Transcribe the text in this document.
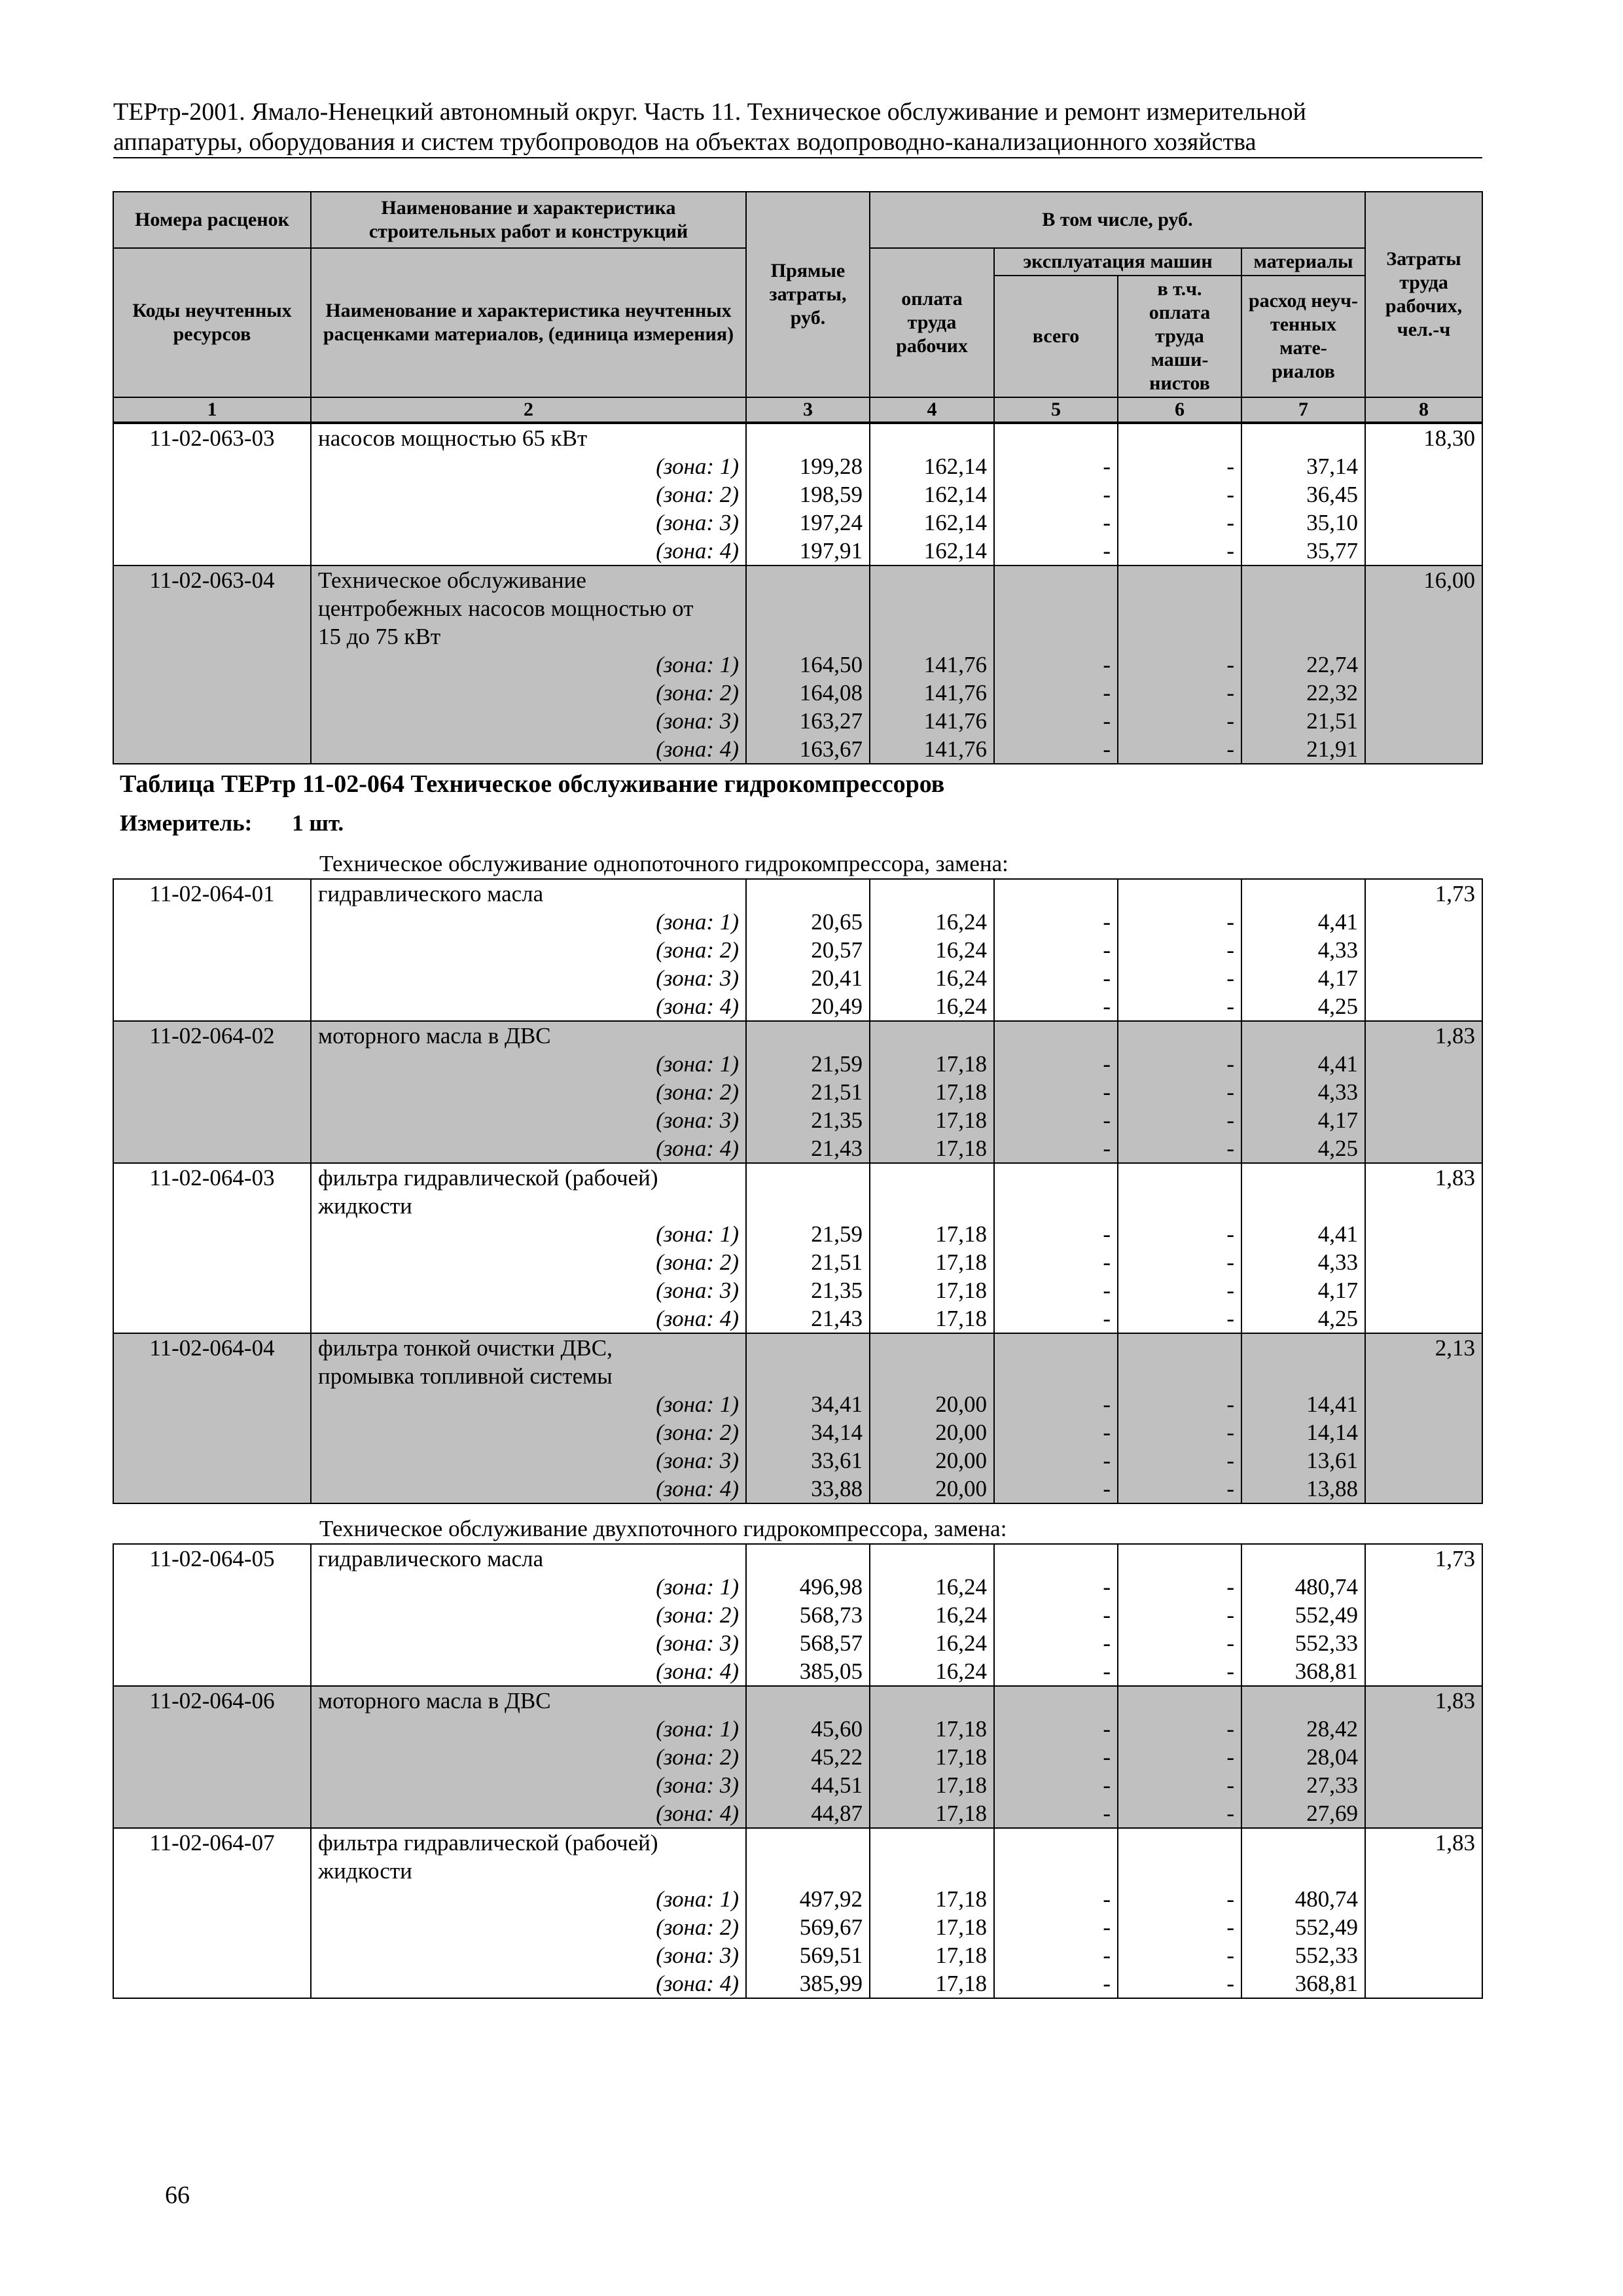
ТЕРтр-2001. Ямало-Ненецкий автономный округ. Часть 11. Техническое обслуживание и ремонт измерительной
аппаратуры, оборудования и систем трубопроводов на объектах водопроводно-канализационного хозяйства
Номера расценок	Наименование и характеристика строительных работ и конструкций	Прямые затраты, руб.	В том числе, руб.				Затраты труда рабочих, чел.-ч
Коды неучтенных ресурсов	Наименование и характеристика неучтенных расценками материалов, (единица измерения)		оплата труда рабочих	эксплуатация машин		материалы	
				всего	в т.ч. оплата труда маши-нистов	расход неуч-тенных мате-риалов	
1	2	3	4	5	6	7	8
11-02-063-03	насосов мощностью 65 кВт						18,30
	(зона: 1)	199,28	162,14	-	-	37,14	
	(зона: 2)	198,59	162,14	-	-	36,45	
	(зона: 3)	197,24	162,14	-	-	35,10	
	(зона: 4)	197,91	162,14	-	-	35,77	
11-02-063-04	Техническое обслуживание						16,00
	центробежных насосов мощностью от						
	15 до 75 кВт						
	(зона: 1)	164,50	141,76	-	-	22,74	
	(зона: 2)	164,08	141,76	-	-	22,32	
	(зона: 3)	163,27	141,76	-	-	21,51	
	(зона: 4)	163,67	141,76	-	-	21,91	
Таблица ТЕРтр 11-02-064 Техническое обслуживание гидрокомпрессоров
Измеритель: 1 шт.
Техническое обслуживание однопоточного гидрокомпрессора, замена:
11-02-064-01	гидравлического масла						1,73
	(зона: 1)	20,65	16,24	-	-	4,41	
	(зона: 2)	20,57	16,24	-	-	4,33	
	(зона: 3)	20,41	16,24	-	-	4,17	
	(зона: 4)	20,49	16,24	-	-	4,25	
11-02-064-02	моторного масла в ДВС						1,83
	(зона: 1)	21,59	17,18	-	-	4,41	
	(зона: 2)	21,51	17,18	-	-	4,33	
	(зона: 3)	21,35	17,18	-	-	4,17	
	(зона: 4)	21,43	17,18	-	-	4,25	
11-02-064-03	фильтра гидравлической (рабочей)						1,83
	жидкости						
	(зона: 1)	21,59	17,18	-	-	4,41	
	(зона: 2)	21,51	17,18	-	-	4,33	
	(зона: 3)	21,35	17,18	-	-	4,17	
	(зона: 4)	21,43	17,18	-	-	4,25	
11-02-064-04	фильтра тонкой очистки ДВС,						2,13
	промывка топливной системы						
	(зона: 1)	34,41	20,00	-	-	14,41	
	(зона: 2)	34,14	20,00	-	-	14,14	
	(зона: 3)	33,61	20,00	-	-	13,61	
	(зона: 4)	33,88	20,00	-	-	13,88	
Техническое обслуживание двухпоточного гидрокомпрессора, замена:
11-02-064-05	гидравлического масла						1,73
	(зона: 1)	496,98	16,24	-	-	480,74	
	(зона: 2)	568,73	16,24	-	-	552,49	
	(зона: 3)	568,57	16,24	-	-	552,33	
	(зона: 4)	385,05	16,24	-	-	368,81	
11-02-064-06	моторного масла в ДВС						1,83
	(зона: 1)	45,60	17,18	-	-	28,42	
	(зона: 2)	45,22	17,18	-	-	28,04	
	(зона: 3)	44,51	17,18	-	-	27,33	
	(зона: 4)	44,87	17,18	-	-	27,69	
11-02-064-07	фильтра гидравлической (рабочей)						1,83
	жидкости						
	(зона: 1)	497,92	17,18	-	-	480,74	
	(зона: 2)	569,67	17,18	-	-	552,49	
	(зона: 3)	569,51	17,18	-	-	552,33	
	(зона: 4)	385,99	17,18	-	-	368,81	
66
